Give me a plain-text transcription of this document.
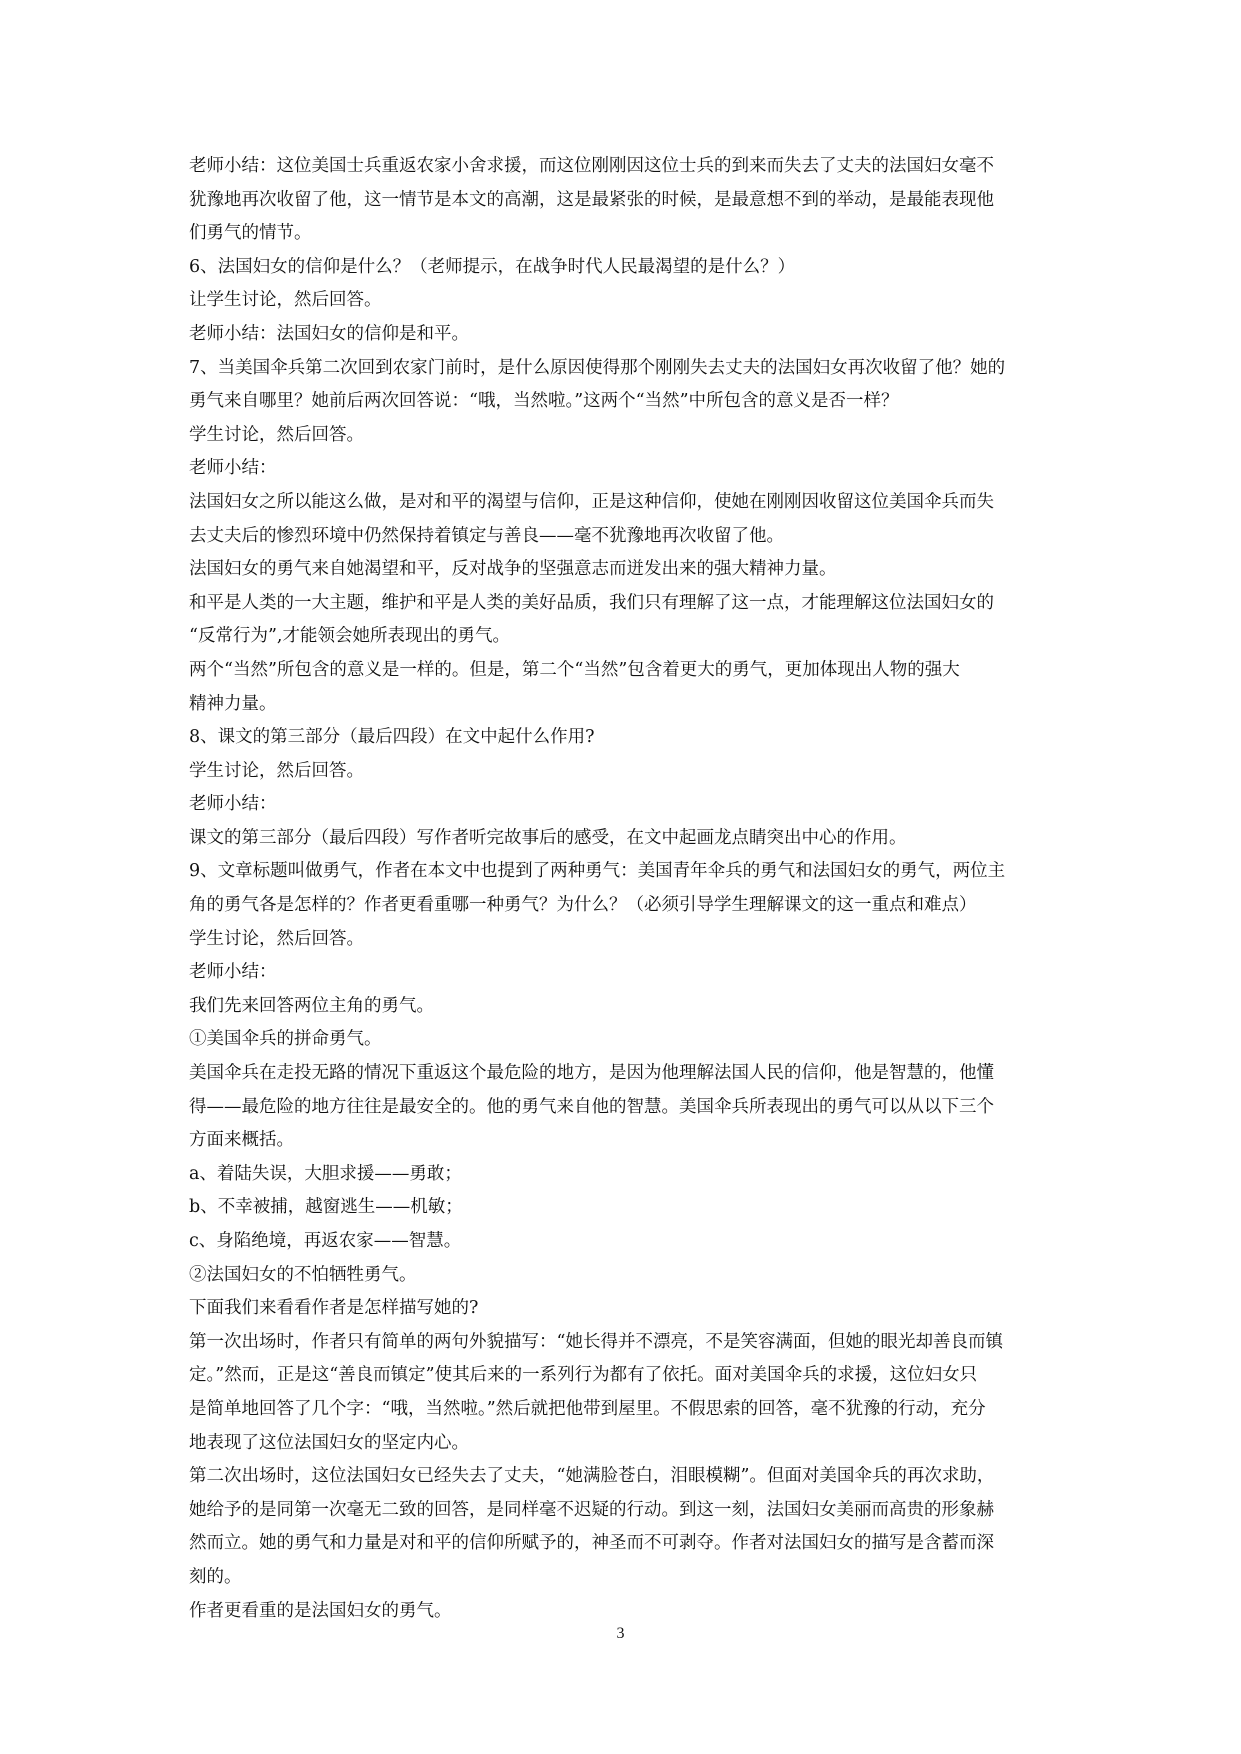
老师小结：这位美国士兵重返农家小舍求援，而这位刚刚因这位士兵的到来而失去了丈夫的法国妇女毫不
犹豫地再次收留了他，这一情节是本文的高潮，这是最紧张的时候，是最意想不到的举动，是最能表现他
们勇气的情节。
6、法国妇女的信仰是什么？（老师提示，在战争时代人民最渴望的是什么？）
让学生讨论，然后回答。
老师小结：法国妇女的信仰是和平。
7、当美国伞兵第二次回到农家门前时，是什么原因使得那个刚刚失去丈夫的法国妇女再次收留了他？她的
勇气来自哪里？她前后两次回答说：“哦，当然啦。”这两个“当然”中所包含的意义是否一样？
学生讨论，然后回答。
老师小结：
法国妇女之所以能这么做，是对和平的渴望与信仰，正是这种信仰，使她在刚刚因收留这位美国伞兵而失
去丈夫后的惨烈环境中仍然保持着镇定与善良——毫不犹豫地再次收留了他。
法国妇女的勇气来自她渴望和平，反对战争的坚强意志而迸发出来的强大精神力量。
和平是人类的一大主题，维护和平是人类的美好品质，我们只有理解了这一点，才能理解这位法国妇女的
“反常行为”,才能领会她所表现出的勇气。
两个“当然”所包含的意义是一样的。但是，第二个“当然”包含着更大的勇气，更加体现出人物的强大
精神力量。
8、课文的第三部分（最后四段）在文中起什么作用?
学生讨论，然后回答。
老师小结：
课文的第三部分（最后四段）写作者听完故事后的感受，在文中起画龙点睛突出中心的作用。
9、文章标题叫做勇气，作者在本文中也提到了两种勇气：美国青年伞兵的勇气和法国妇女的勇气，两位主
角的勇气各是怎样的？作者更看重哪一种勇气？为什么？（必须引导学生理解课文的这一重点和难点）
学生讨论，然后回答。
老师小结：
我们先来回答两位主角的勇气。
①美国伞兵的拼命勇气。
美国伞兵在走投无路的情况下重返这个最危险的地方，是因为他理解法国人民的信仰，他是智慧的，他懂
得——最危险的地方往往是最安全的。他的勇气来自他的智慧。美国伞兵所表现出的勇气可以从以下三个
方面来概括。
a、着陆失误，大胆求援——勇敢；
b、不幸被捕，越窗逃生——机敏；
c、身陷绝境，再返农家——智慧。
②法国妇女的不怕牺牲勇气。
下面我们来看看作者是怎样描写她的?
第一次出场时，作者只有简单的两句外貌描写：“她长得并不漂亮，不是笑容满面，但她的眼光却善良而镇
定。”然而，正是这“善良而镇定”使其后来的一系列行为都有了依托。面对美国伞兵的求援，这位妇女只
是简单地回答了几个字：“哦，当然啦。”然后就把他带到屋里。不假思索的回答，毫不犹豫的行动，充分
地表现了这位法国妇女的坚定内心。
第二次出场时，这位法国妇女已经失去了丈夫，“她满脸苍白，泪眼模糊”。但面对美国伞兵的再次求助，
她给予的是同第一次毫无二致的回答，是同样毫不迟疑的行动。到这一刻，法国妇女美丽而高贵的形象赫
然而立。她的勇气和力量是对和平的信仰所赋予的，神圣而不可剥夺。作者对法国妇女的描写是含蓄而深
刻的。
作者更看重的是法国妇女的勇气。
3
